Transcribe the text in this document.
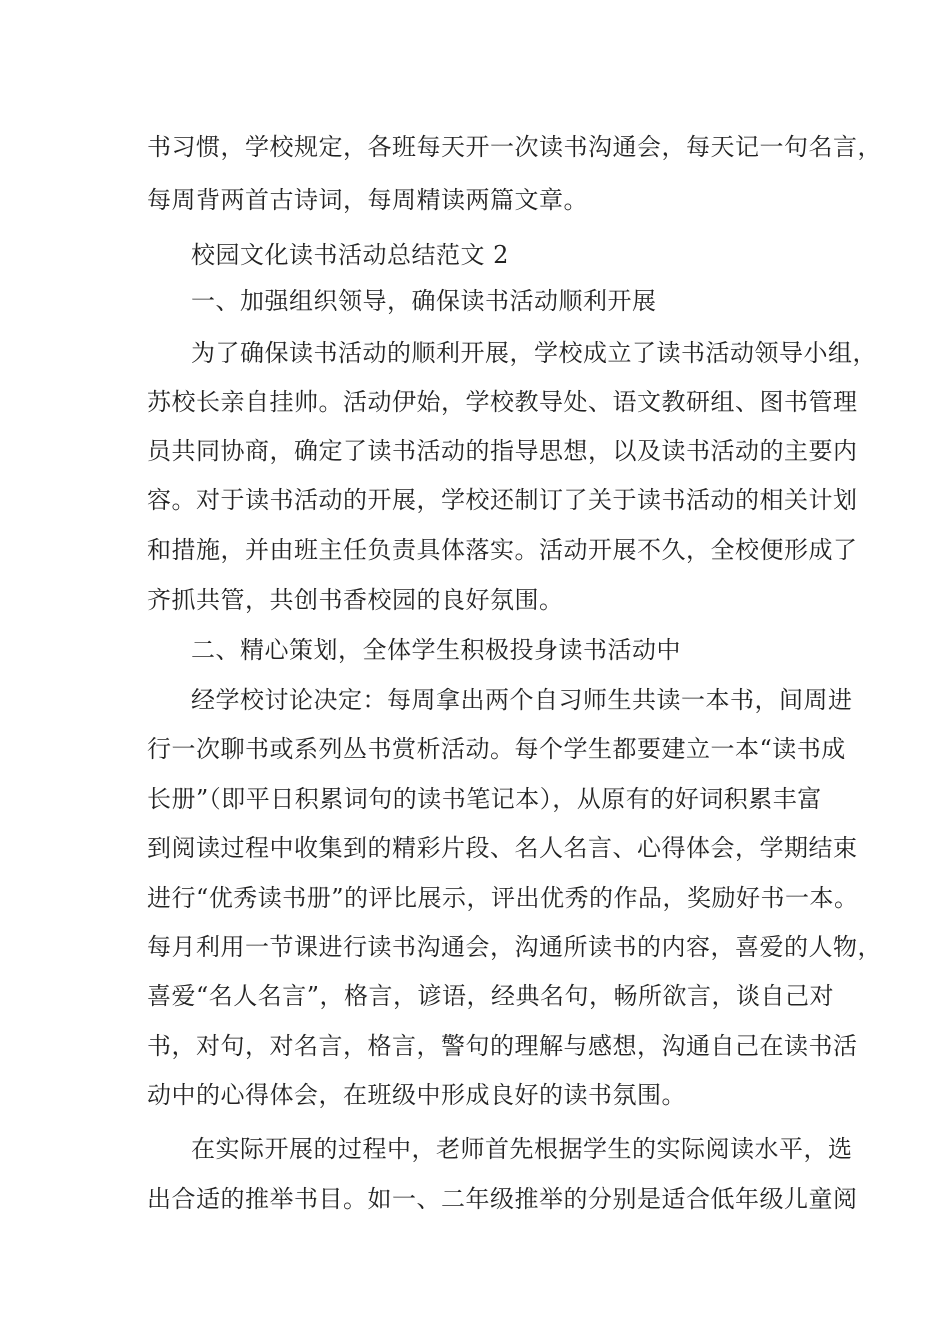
书习惯，学校规定，各班每天开一次读书沟通会，每天记一句名言，
每周背两首古诗词，每周精读两篇文章。
校园文化读书活动总结范文 2
一、加强组织领导，确保读书活动顺利开展
为了确保读书活动的顺利开展，学校成立了读书活动领导小组，
苏校长亲自挂帅。活动伊始，学校教导处、语文教研组、图书管理
员共同协商，确定了读书活动的指导思想，以及读书活动的主要内
容。对于读书活动的开展，学校还制订了关于读书活动的相关计划
和措施，并由班主任负责具体落实。活动开展不久，全校便形成了
齐抓共管，共创书香校园的良好氛围。
二、精心策划，全体学生积极投身读书活动中
经学校讨论决定：每周拿出两个自习师生共读一本书，间周进
行一次聊书或系列丛书赏析活动。每个学生都要建立一本“读书成
长册”（即平日积累词句的读书笔记本），从原有的好词积累丰富
到阅读过程中收集到的精彩片段、名人名言、心得体会，学期结束
进行“优秀读书册”的评比展示，评出优秀的作品，奖励好书一本。
每月利用一节课进行读书沟通会，沟通所读书的内容，喜爱的人物，
喜爱“名人名言”，格言，谚语，经典名句，畅所欲言，谈自己对
书，对句，对名言，格言，警句的理解与感想，沟通自己在读书活
动中的心得体会，在班级中形成良好的读书氛围。
在实际开展的过程中，老师首先根据学生的实际阅读水平，选
出合适的推举书目。如一、二年级推举的分别是适合低年级儿童阅
